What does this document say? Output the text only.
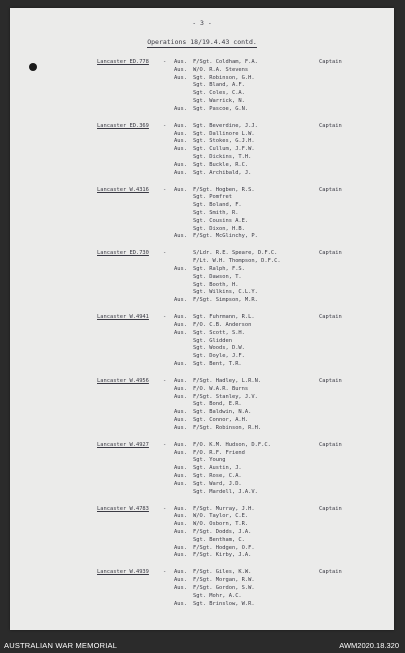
- 3 -
Operations 18/19.4.43 contd.
Lancaster ED.778	- Aus. F/Sgt. Coldham, F.A.	Captain
Aus. W/O. R.A. Stevens
Aus. Sgt. Robinson, G.H.
Sgt. Bland, A.F.
Sgt. Coles, C.A.
Sgt. Warrick, N.
Aus. Sgt. Pascoe, G.N.
Lancaster ED.369	- Aus. Sgt. Beverdine, J.J.	Captain
Aus. Sgt. Dallinore L.W.
Aus. Sgt. Stokes, G.J.H.
Aus. Sgt. Cullum, J.F.W.
Sgt. Dickins, T.H.
Aus. Sgt. Buckle, R.C.
Aus. Sgt. Archibald, J.
Lancaster W.4316	- Aus. F/Sgt. Hogben, R.S.	Captain
Sgt. Pomfret
Sgt. Boland, F.
Sgt. Smith, R.
Sgt. Cousins A.E.
Sgt. Dixon, H.B.
Aus. F/Sgt. McGlinchy, P.
Lancaster ED.730	-	S/Ldr. R.E. Speare, D.F.C.	Captain
F/Lt. W.H. Thompson, D.F.C.
Aus. Sgt. Ralph, F.S.
Sgt. Dawson, T.
Sgt. Booth, H.
Sgt. Wilkins, C.L.Y.
Aus. F/Sgt. Simpson, M.R.
Lancaster W.4941	- Aus. Sgt. Fuhrmann, R.L.	Captain
Aus. F/O. C.B. Anderson
Aus. Sgt. Scott, S.H.
Sgt. Glidden
Sgt. Woods, D.W.
Sgt. Doyle, J.F.
Aus. Sgt. Bent, T.R.
Lancaster W.4956	- Aus. F/Sgt. Hadley, L.R.N.	Captain
Aus. F/O. W.A.R. Burns
Aus. F/Sgt. Stanley, J.V.
Sgt. Bond, E.R.
Aus. Sgt. Baldwin, N.A.
Aus. Sgt. Connor, A.H.
Aus. F/Sgt. Robinson, R.H.
Lancaster W.4927	- Aus. F/O. K.M. Hudson, D.F.C.	Captain
Aus. F/O. R.F. Friend
Sgt. Young
Aus. Sgt. Austin, J.
Aus. Sgt. Rose, C.A.
Aus. Sgt. Ward, J.D.
Sgt. Mardell, J.A.V.
Lancaster W.4783	- Aus. F/Sgt. Murray, J.H.	Captain
Aus. W/O. Taylor, C.E.
Aus. W/O. Osborn, T.R.
Aus. F/Sgt. Dodds, J.A.
Sgt. Bentham, C.
Aus. F/Sgt. Hodgen, O.F.
Aus. F/Sgt. Kirby, J.A.
Lancaster W.4939	- Aus. F/Sgt. Giles, K.W.	Captain
Aus. F/Sgt. Morgan, R.W.
Aus. F/Sgt. Gordon, S.W.
Sgt. Mohr, A.C.
Aus. Sgt. Brinslow, W.R.
AUSTRALIAN WAR MEMORIAL	AWM2020.18.320
